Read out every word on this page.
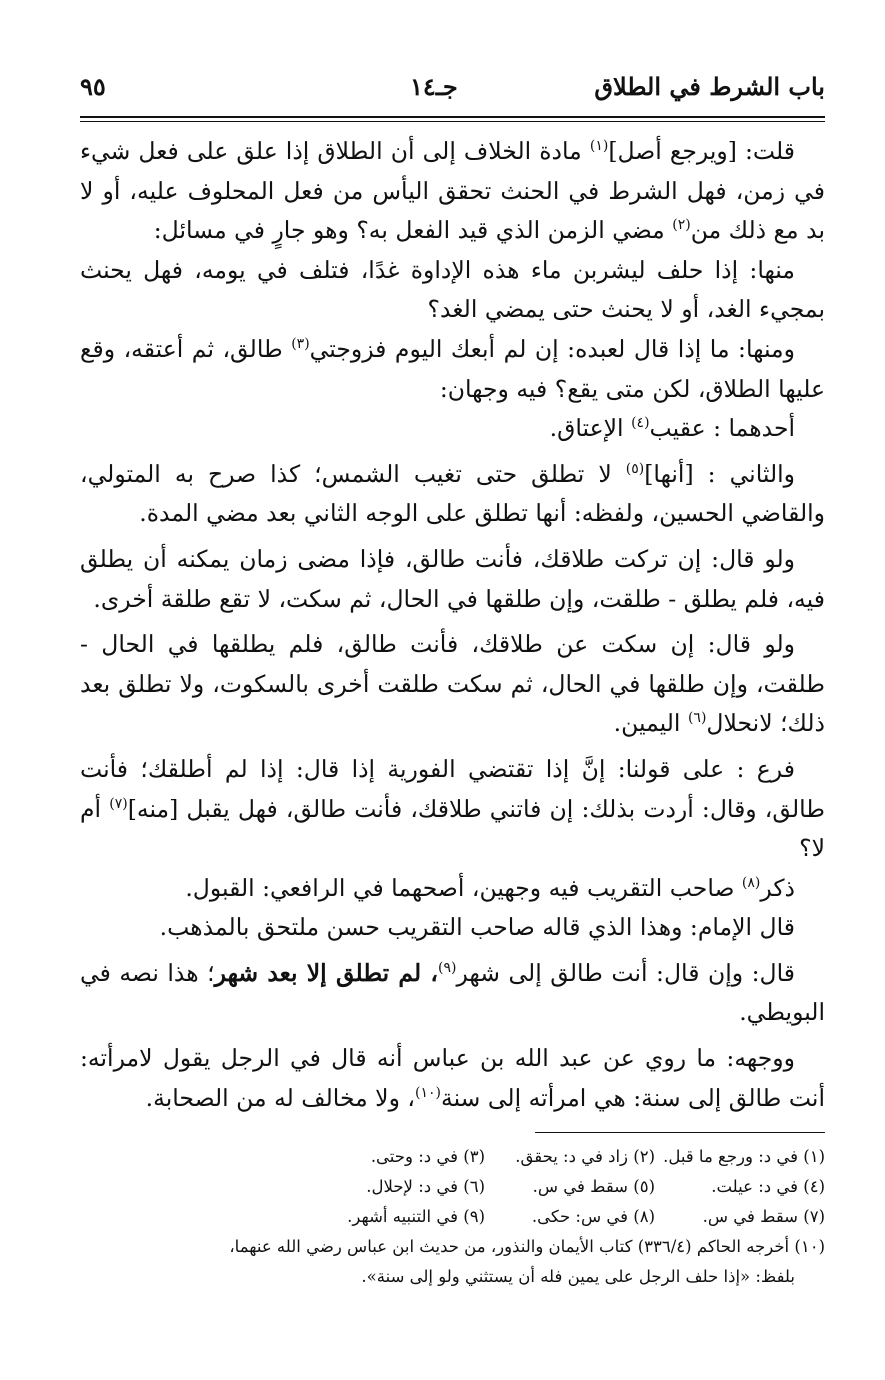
باب الشرط في الطلاق
جـ١٤
٩٥

قلت: [ويرجع أصل]$^{(١)}$ مادة الخلاف إلى أن الطلاق إذا علق على فعل شيء في زمن، فهل الشرط في الحنث تحقق اليأس من فعل المحلوف عليه، أو لا بد مع ذلك من$^{(٢)}$ مضي الزمن الذي قيد الفعل به؟ وهو جارٍ في مسائل:

منها: إذا حلف ليشربن ماء هذه الإداوة غدًا، فتلف في يومه، فهل يحنث بمجيء الغد، أو لا يحنث حتى يمضي الغد؟

ومنها: ما إذا قال لعبده: إن لم أبعك اليوم فزوجتي$^{(٣)}$ طالق، ثم أعتقه، وقع عليها الطلاق، لكن متى يقع؟ فيه وجهان:

أحدهما : عقيب$^{(٤)}$ الإعتاق.

والثاني : [أنها]$^{(٥)}$ لا تطلق حتى تغيب الشمس؛ كذا صرح به المتولي، والقاضي الحسين، ولفظه: أنها تطلق على الوجه الثاني بعد مضي المدة.

ولو قال: إن تركت طلاقك، فأنت طالق، فإذا مضى زمان يمكنه أن يطلق فيه، فلم يطلق - طلقت، وإن طلقها في الحال، ثم سكت، لا تقع طلقة أخرى.

ولو قال: إن سكت عن طلاقك، فأنت طالق، فلم يطلقها في الحال - طلقت، وإن طلقها في الحال، ثم سكت طلقت أخرى بالسكوت، ولا تطلق بعد ذلك؛ لانحلال$^{(٦)}$ اليمين.

فرع : على قولنا: إنَّ إذا تقتضي الفورية إذا قال: إذا لم أطلقك؛ فأنت طالق، وقال: أردت بذلك: إن فاتني طلاقك، فأنت طالق، فهل يقبل [منه]$^{(٧)}$ أم لا؟

ذكر$^{(٨)}$ صاحب التقريب فيه وجهين، أصحهما في الرافعي: القبول.

قال الإمام: وهذا الذي قاله صاحب التقريب حسن ملتحق بالمذهب.

قال: وإن قال: أنت طالق إلى شهر$^{(٩)}$، لم تطلق إلا بعد شهر؛ هذا نصه في البويطي.

ووجهه: ما روي عن عبد الله بن عباس أنه قال في الرجل يقول لامرأته: أنت طالق إلى سنة: هي امرأته إلى سنة$^{(١٠)}$، ولا مخالف له من الصحابة.

(١) في د: ورجع ما قبل.
(٢) زاد في د: يحقق.
(٣) في د: وحتى.
(٤) في د: عيلت.
(٥) سقط في س.
(٦) في د: لإحلال.
(٧) سقط في س.
(٨) في س: حكى.
(٩) في التنبيه أشهر.
(١٠) أخرجه الحاكم (٣٣٦/٤) كتاب الأيمان والنذور، من حديث ابن عباس رضي الله عنهما،
بلفظ: «إذا حلف الرجل على يمين فله أن يستثني ولو إلى سنة».
